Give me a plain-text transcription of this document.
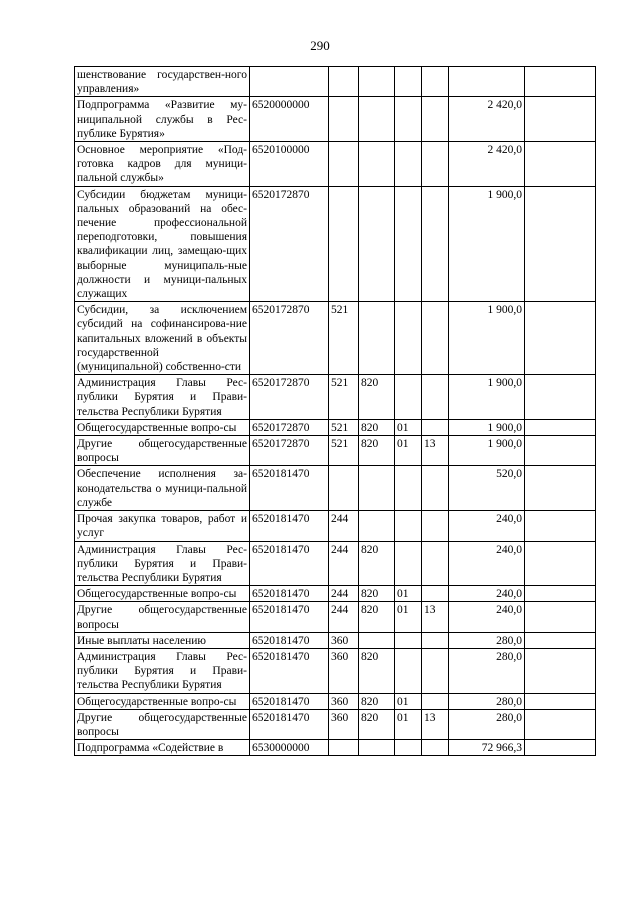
290
шенствование государствен-ного управления»							
Подпрограмма «Развитие му-ниципальной службы в Рес-публике Бурятия»	6520000000					2 420,0	
Основное мероприятие «Под-готовка кадров для муници-пальной службы»	6520100000					2 420,0	
Субсидии бюджетам муници-пальных образований на обес-печение профессиональной переподготовки, повышения квалификации лиц, замещаю-щих выборные муниципаль-ные должности и муници-пальных служащих	6520172870					1 900,0	
Субсидии, за исключением субсидий на софинансирова-ние капитальных вложений в объекты государственной (муниципальной) собственно-сти	6520172870	521				1 900,0	
Администрация Главы Рес-публики Бурятия и Прави-тельства Республики Бурятия	6520172870	521	820			1 900,0	
Общегосударственные вопро-сы	6520172870	521	820	01		1 900,0	
Другие общегосударственные вопросы	6520172870	521	820	01	13	1 900,0	
Обеспечение исполнения за-конодательства о муници-пальной службе	6520181470					520,0	
Прочая закупка товаров, работ и услуг	6520181470	244				240,0	
Администрация Главы Рес-публики Бурятия и Прави-тельства Республики Бурятия	6520181470	244	820			240,0	
Общегосударственные вопро-сы	6520181470	244	820	01		240,0	
Другие общегосударственные вопросы	6520181470	244	820	01	13	240,0	
Иные выплаты населению	6520181470	360				280,0	
Администрация Главы Рес-публики Бурятия и Прави-тельства Республики Бурятия	6520181470	360	820			280,0	
Общегосударственные вопро-сы	6520181470	360	820	01		280,0	
Другие общегосударственные вопросы	6520181470	360	820	01	13	280,0	
Подпрограмма «Содействие в	6530000000					72 966,3	
